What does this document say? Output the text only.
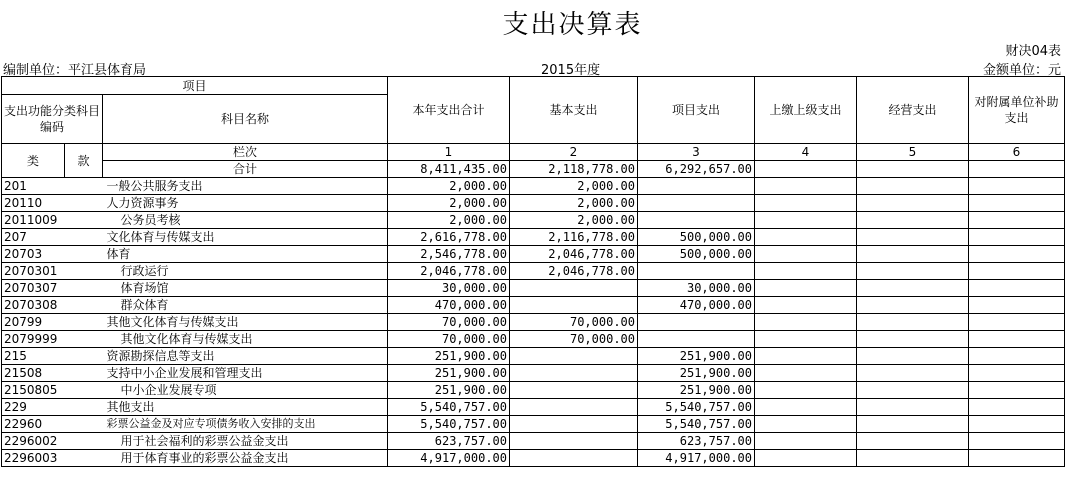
支出决算表
财决04表
编制单位：平江县体育局	2015年度	金额单位：元
项目			本年支出合计	基本支出	项目支出	上缴上级支出	经营支出	对附属单位补助支出
支出功能分类科目编码		科目名称						

类	款	栏次	1	2	3	4	5	6
		合计	8,411,435.00	2,118,778.00	6,292,657.00			
201		一般公共服务支出	2,000.00	2,000.00				
20110		人力资源事务	2,000.00	2,000.00				
2011009		公务员考核	2,000.00	2,000.00				
207		文化体育与传媒支出	2,616,778.00	2,116,778.00	500,000.00			
20703		体育	2,546,778.00	2,046,778.00	500,000.00			
2070301		行政运行	2,046,778.00	2,046,778.00				
2070307		体育场馆	30,000.00		30,000.00			
2070308		群众体育	470,000.00		470,000.00			
20799		其他文化体育与传媒支出	70,000.00	70,000.00				
2079999		其他文化体育与传媒支出	70,000.00	70,000.00				
215		资源勘探信息等支出	251,900.00		251,900.00			
21508		支持中小企业发展和管理支出	251,900.00		251,900.00			
2150805		中小企业发展专项	251,900.00		251,900.00			
229		其他支出	5,540,757.00		5,540,757.00			
22960		彩票公益金及对应专项债务收入安排的支出	5,540,757.00		5,540,757.00			
2296002		用于社会福利的彩票公益金支出	623,757.00		623,757.00			
2296003		用于体育事业的彩票公益金支出	4,917,000.00		4,917,000.00			
